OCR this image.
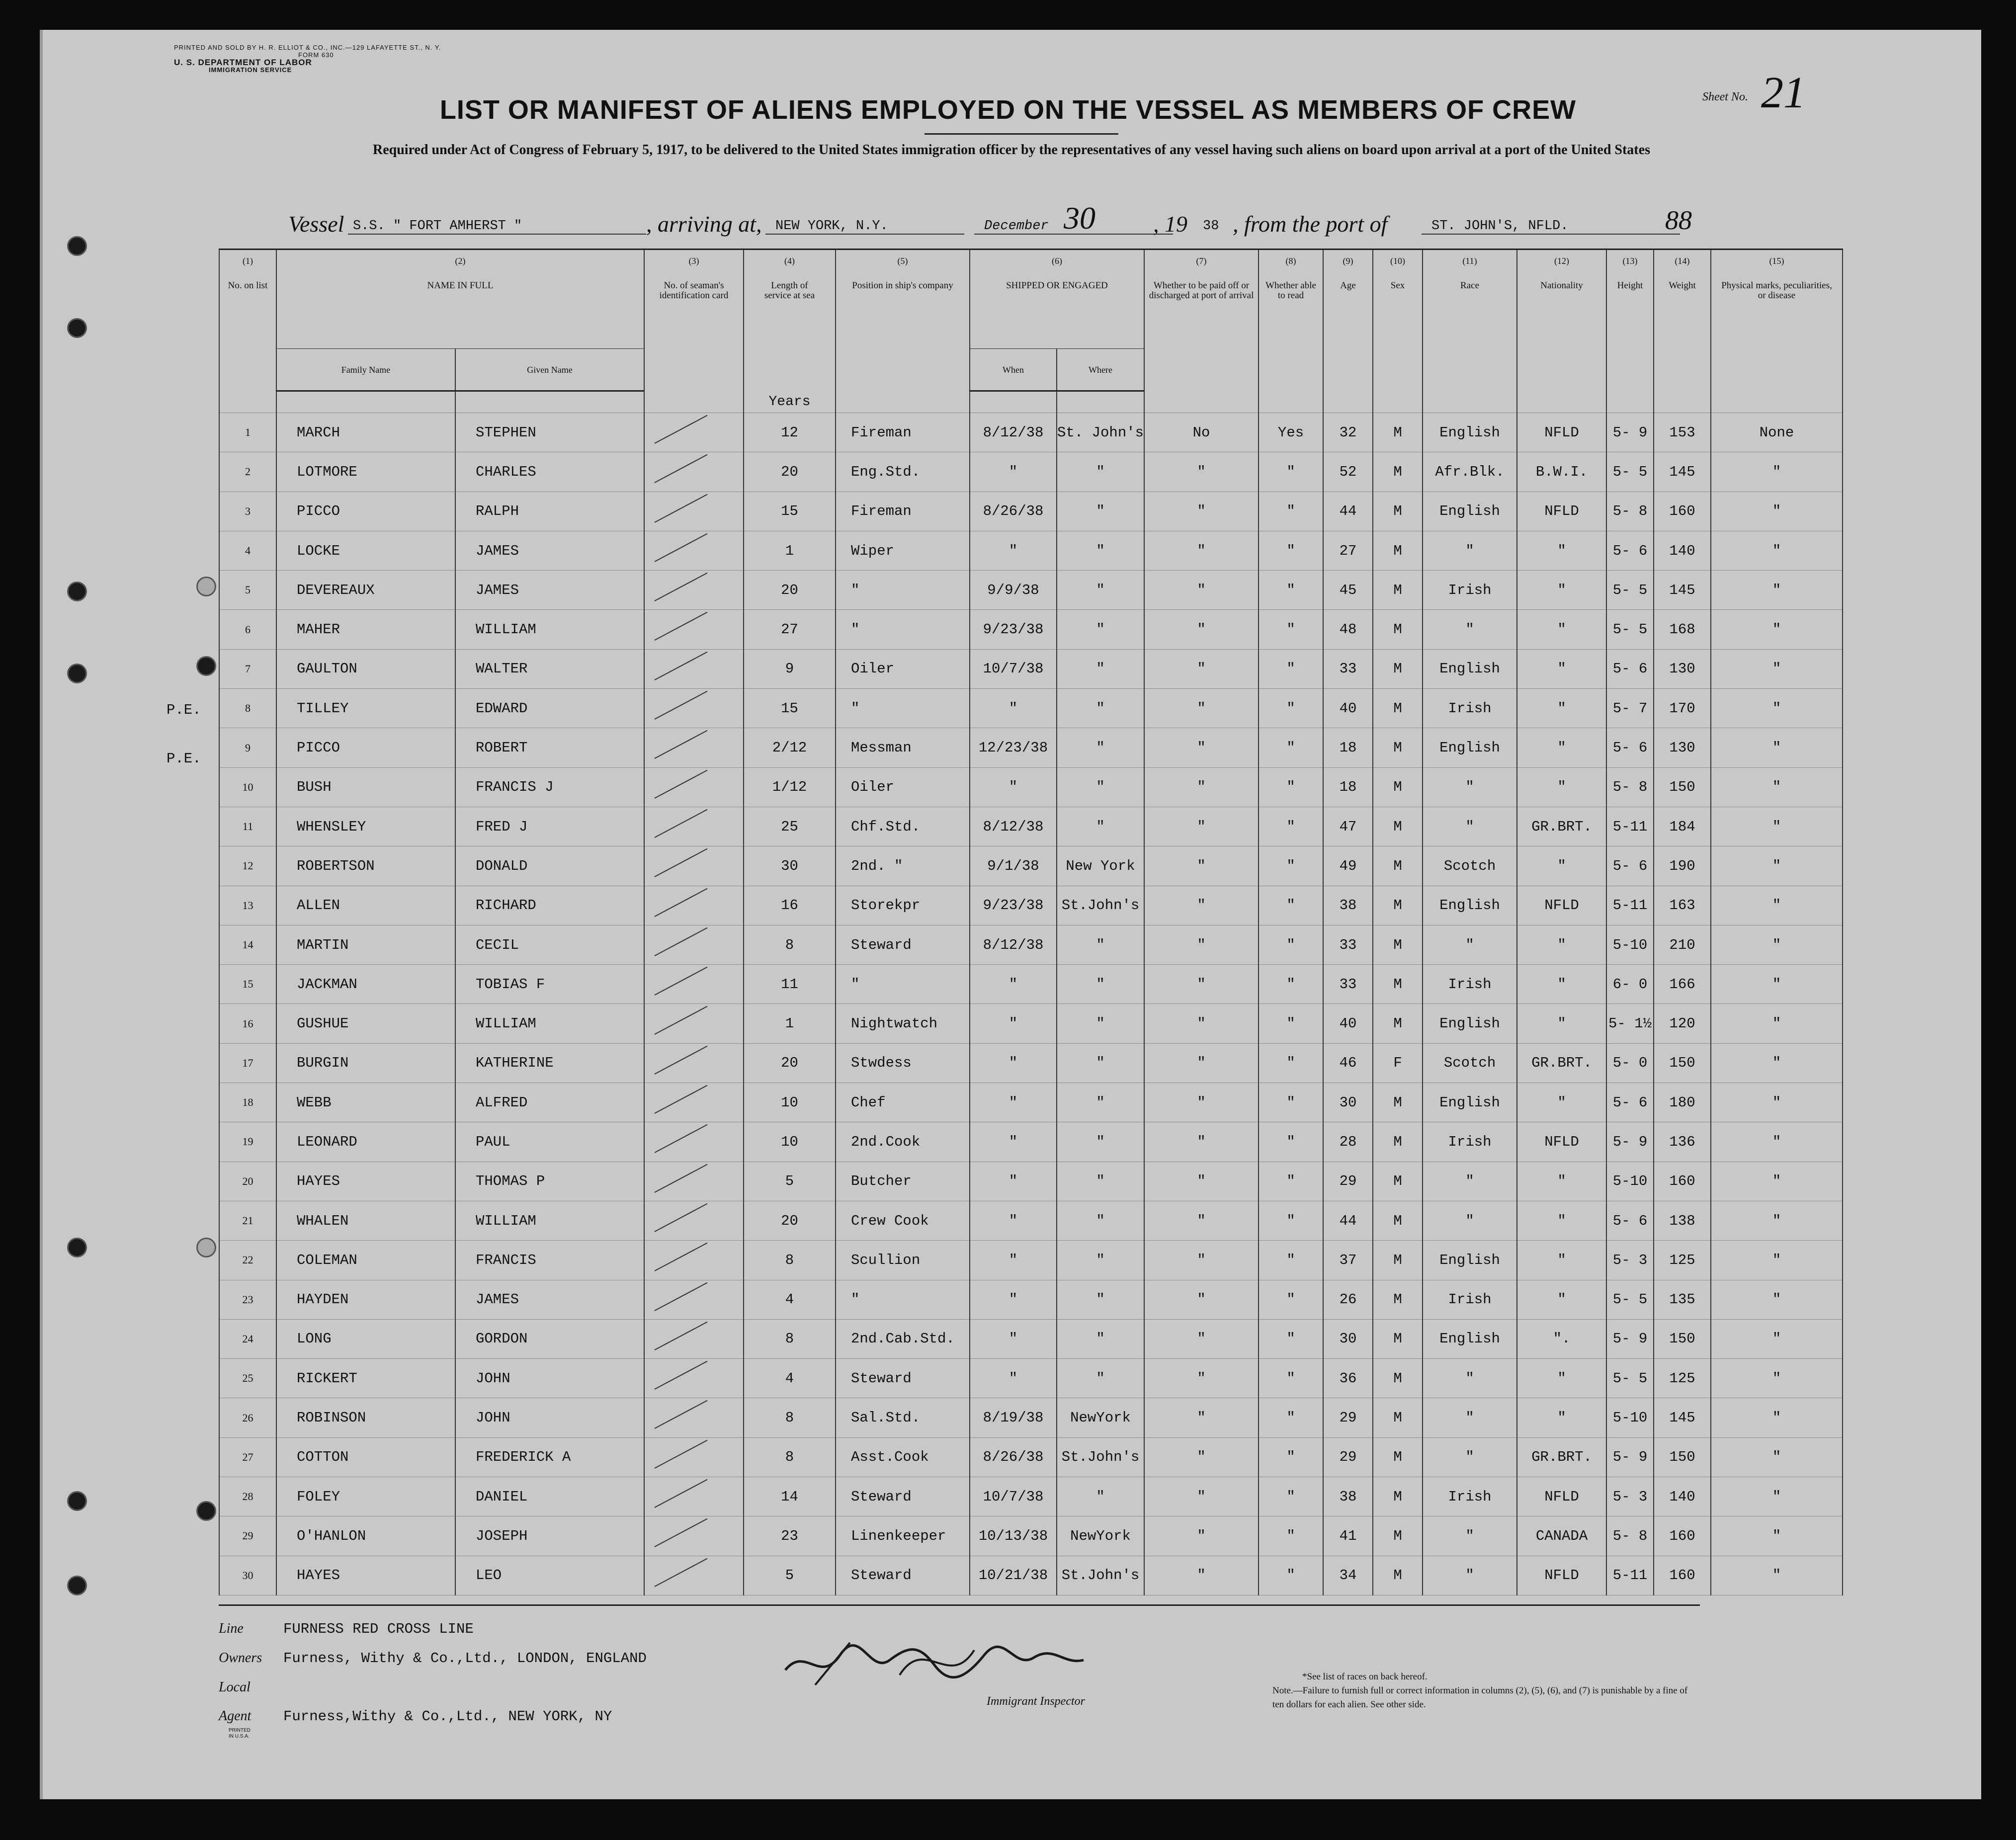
PRINTED AND SOLD BY H. R. ELLIOT & CO., INC.—129 LAFAYETTE ST., N. Y.
FORM 630
U. S. DEPARTMENT OF LABOR
IMMIGRATION SERVICE
Sheet No. 21
LIST OR MANIFEST OF ALIENS EMPLOYED ON THE VESSEL AS MEMBERS OF CREW
Required under Act of Congress of February 5, 1917, to be delivered to the United States immigration officer by the representatives of any vessel having such aliens on board upon arrival at a port of the United States
Vessel S.S. " FORT AMHERST "	, arriving at, NEW YORK, N.Y.	December 30	, 19 38 , from the port of	ST. JOHN'S, NFLD.	88
P.E.
P.E.
(1)
No. on list	(2)
NAME IN FULL		(3)
No. of seaman's identification card	(4)
Length of service at sea	(5)
Position in ship's company	(6)
SHIPPED OR ENGAGED		(7)
Whether to be paid off or discharged at port of arrival	(8)
Whether able to read	(9)
Age	(10)
Sex	(11)
Race	(12)
Nationality	(13)
Height	(14)
Weight	(15)
Physical marks, peculiarities, or disease	

	Family Name	Given Name				When	Where										
				Years													
1	MARCH	STEPHEN		12	Fireman	8/12/38	St. John's	No	Yes	32	M	English	NFLD	5- 9	153	None	
2	LOTMORE	CHARLES		20	Eng.Std.	"	"	"	"	52	M	Afr.Blk.	B.W.I.	5- 5	145	"	
3	PICCO	RALPH		15	Fireman	8/26/38	"	"	"	44	M	English	NFLD	5- 8	160	"	
4	LOCKE	JAMES		1	Wiper	"	"	"	"	27	M	"	"	5- 6	140	"	
5	DEVEREAUX	JAMES		20	"	9/9/38	"	"	"	45	M	Irish	"	5- 5	145	"	
6	MAHER	WILLIAM		27	"	9/23/38	"	"	"	48	M	"	"	5- 5	168	"	
7	GAULTON	WALTER		9	Oiler	10/7/38	"	"	"	33	M	English	"	5- 6	130	"	
8	TILLEY	EDWARD		15	"	"	"	"	"	40	M	Irish	"	5- 7	170	"	
9	PICCO	ROBERT		2/12	Messman	12/23/38	"	"	"	18	M	English	"	5- 6	130	"	
10	BUSH	FRANCIS J		1/12	Oiler	"	"	"	"	18	M	"	"	5- 8	150	"	
11	WHENSLEY	FRED J		25	Chf.Std.	8/12/38	"	"	"	47	M	"	GR.BRT.	5-11	184	"	
12	ROBERTSON	DONALD		30	2nd. "	9/1/38	New York	"	"	49	M	Scotch	"	5- 6	190	"	
13	ALLEN	RICHARD		16	Storekpr	9/23/38	St.John's	"	"	38	M	English	NFLD	5-11	163	"	
14	MARTIN	CECIL		8	Steward	8/12/38	"	"	"	33	M	"	"	5-10	210	"	
15	JACKMAN	TOBIAS F		11	"	"	"	"	"	33	M	Irish	"	6- 0	166	"	
16	GUSHUE	WILLIAM		1	Nightwatch	"	"	"	"	40	M	English	"	5- 1½	120	"	
17	BURGIN	KATHERINE		20	Stwdess	"	"	"	"	46	F	Scotch	GR.BRT.	5- 0	150	"	
18	WEBB	ALFRED		10	Chef	"	"	"	"	30	M	English	"	5- 6	180	"	
19	LEONARD	PAUL		10	2nd.Cook	"	"	"	"	28	M	Irish	NFLD	5- 9	136	"	
20	HAYES	THOMAS P		5	Butcher	"	"	"	"	29	M	"	"	5-10	160	"	
21	WHALEN	WILLIAM		20	Crew Cook	"	"	"	"	44	M	"	"	5- 6	138	"	
22	COLEMAN	FRANCIS		8	Scullion	"	"	"	"	37	M	English	"	5- 3	125	"	
23	HAYDEN	JAMES		4	"	"	"	"	"	26	M	Irish	"	5- 5	135	"	
24	LONG	GORDON		8	2nd.Cab.Std.	"	"	"	"	30	M	English	".	5- 9	150	"	
25	RICKERT	JOHN		4	Steward	"	"	"	"	36	M	"	"	5- 5	125	"	
26	ROBINSON	JOHN		8	Sal.Std.	8/19/38	NewYork	"	"	29	M	"	"	5-10	145	"	
27	COTTON	FREDERICK A		8	Asst.Cook	8/26/38	St.John's	"	"	29	M	"	GR.BRT.	5- 9	150	"	
28	FOLEY	DANIEL		14	Steward	10/7/38	"	"	"	38	M	Irish	NFLD	5- 3	140	"	
29	O'HANLON	JOSEPH		23	Linenkeeper	10/13/38	NewYork	"	"	41	M	"	CANADA	5- 8	160	"	
30	HAYES	LEO		5	Steward	10/21/38	St.John's	"	"	34	M	"	NFLD	5-11	160	"	
Line	FURNESS RED CROSS LINE
Owners Furness, Withy & Co.,Ltd., LONDON, ENGLAND
Local Agent Furness,Withy & Co.,Ltd., NEW YORK, NY
Immigrant Inspector
*See list of races on back hereof.
Note.—Failure to furnish full or correct information in columns (2), (5), (6), and (7) is punishable by a fine of ten dollars for each alien. See other side.
PRINTED IN U.S.A.
